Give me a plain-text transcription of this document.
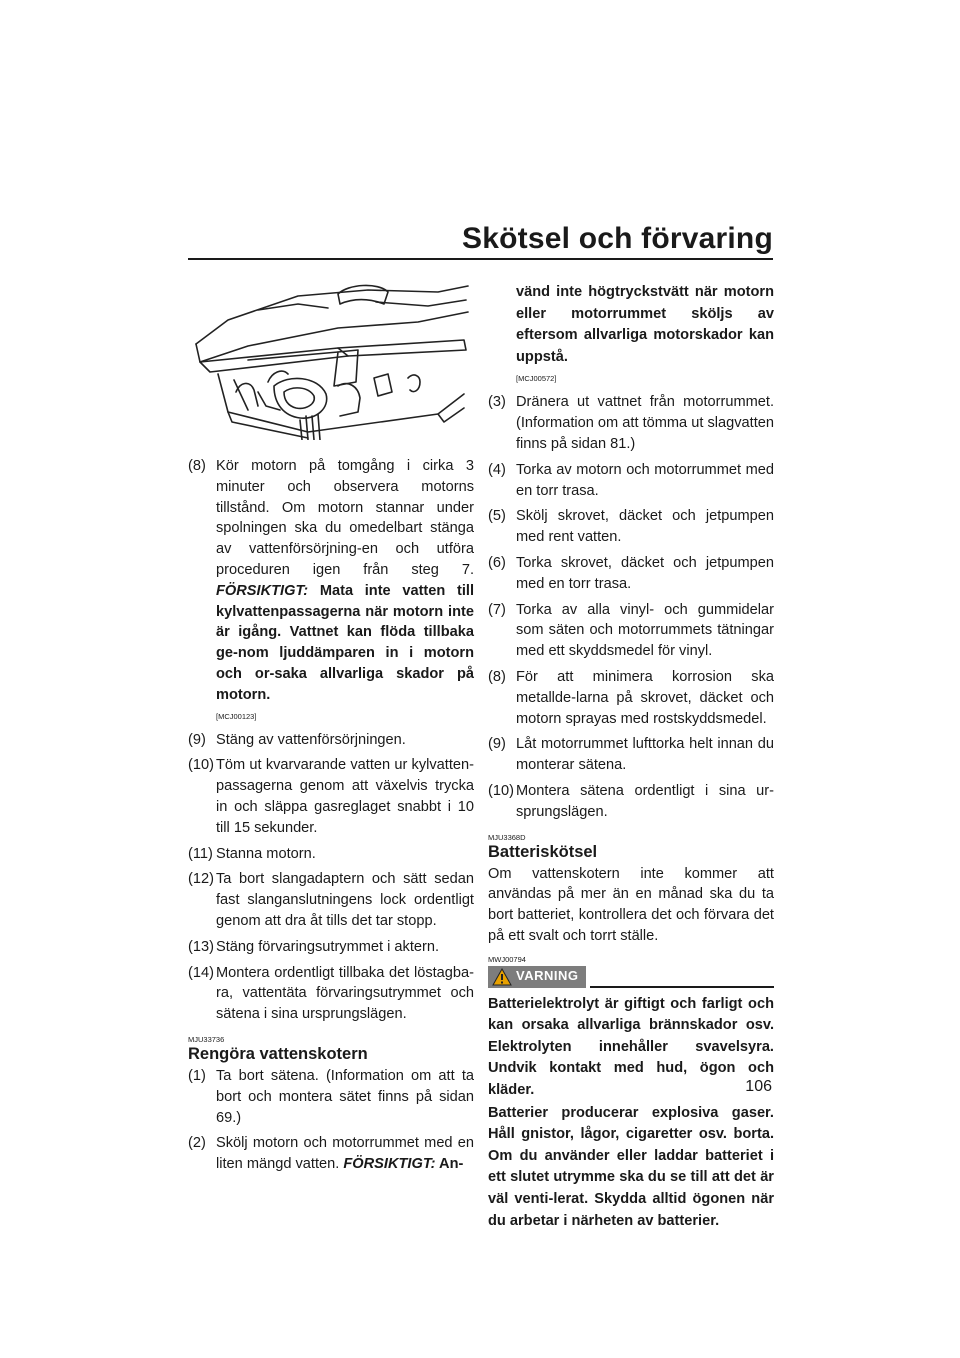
Skötsel och förvaring
(8) Kör motorn på tomgång i cirka 3 minuter och observera motorns tillstånd. Om motorn stannar under spolningen ska du omedelbart stänga av vattenförsörjning-en och utföra proceduren igen från steg 7. FÖRSIKTIGT: Mata inte vatten till kylvattenpassagerna när motorn inte är igång. Vattnet kan flöda tillbaka ge-nom ljuddämparen in i motorn och or-saka allvarliga skador på motorn.
[MCJ00123]
(9) Stäng av vattenförsörjningen.
(10) Töm ut kvarvarande vatten ur kylvatten-passagerna genom att växelvis trycka in och släppa gasreglaget snabbt i 10 till 15 sekunder.
(11) Stanna motorn.
(12) Ta bort slangadaptern och sätt sedan fast slanganslutningens lock ordentligt genom att dra åt tills det tar stopp.
(13) Stäng förvaringsutrymmet i aktern.
(14) Montera ordentligt tillbaka det löstagba-ra, vattentäta förvaringsutrymmet och sätena i sina ursprungslägen.
MJU33736
Rengöra vattenskotern
(1) Ta bort sätena. (Information om att ta bort och montera sätet finns på sidan 69.)
(2) Skölj motorn och motorrummet med en liten mängd vatten. FÖRSIKTIGT: An-
vänd inte högtryckstvätt när motorn eller motorrummet sköljs av eftersom allvarliga motorskador kan uppstå.
[MCJ00572]
(3) Dränera ut vattnet från motorrummet. (Information om att tömma ut slagvatten finns på sidan 81.)
(4) Torka av motorn och motorrummet med en torr trasa.
(5) Skölj skrovet, däcket och jetpumpen med rent vatten.
(6) Torka skrovet, däcket och jetpumpen med en torr trasa.
(7) Torka av alla vinyl- och gummidelar som säten och motorrummets tätningar med ett skyddsmedel för vinyl.
(8) För att minimera korrosion ska metallde-larna på skrovet, däcket och motorn sprayas med rostskyddsmedel.
(9) Låt motorrummet lufttorka helt innan du monterar sätena.
(10) Montera sätena ordentligt i sina ur-sprungslägen.
MJU3368D
Batteriskötsel
Om vattenskotern inte kommer att användas på mer än en månad ska du ta bort batteriet, kontrollera det och förvara det på ett svalt och torrt ställe.
MWJ00794
VARNING

Batterielektrolyt är giftigt och farligt och kan orsaka allvarliga brännskador osv. Elektrolyten innehåller svavelsyra. Undvik kontakt med hud, ögon och kläder.

Batterier producerar explosiva gaser. Håll gnistor, lågor, cigaretter osv. borta. Om du använder eller laddar batteriet i ett slutet utrymme ska du se till att det är väl venti-lerat. Skydda alltid ögonen när du arbetar i närheten av batterier.

106
